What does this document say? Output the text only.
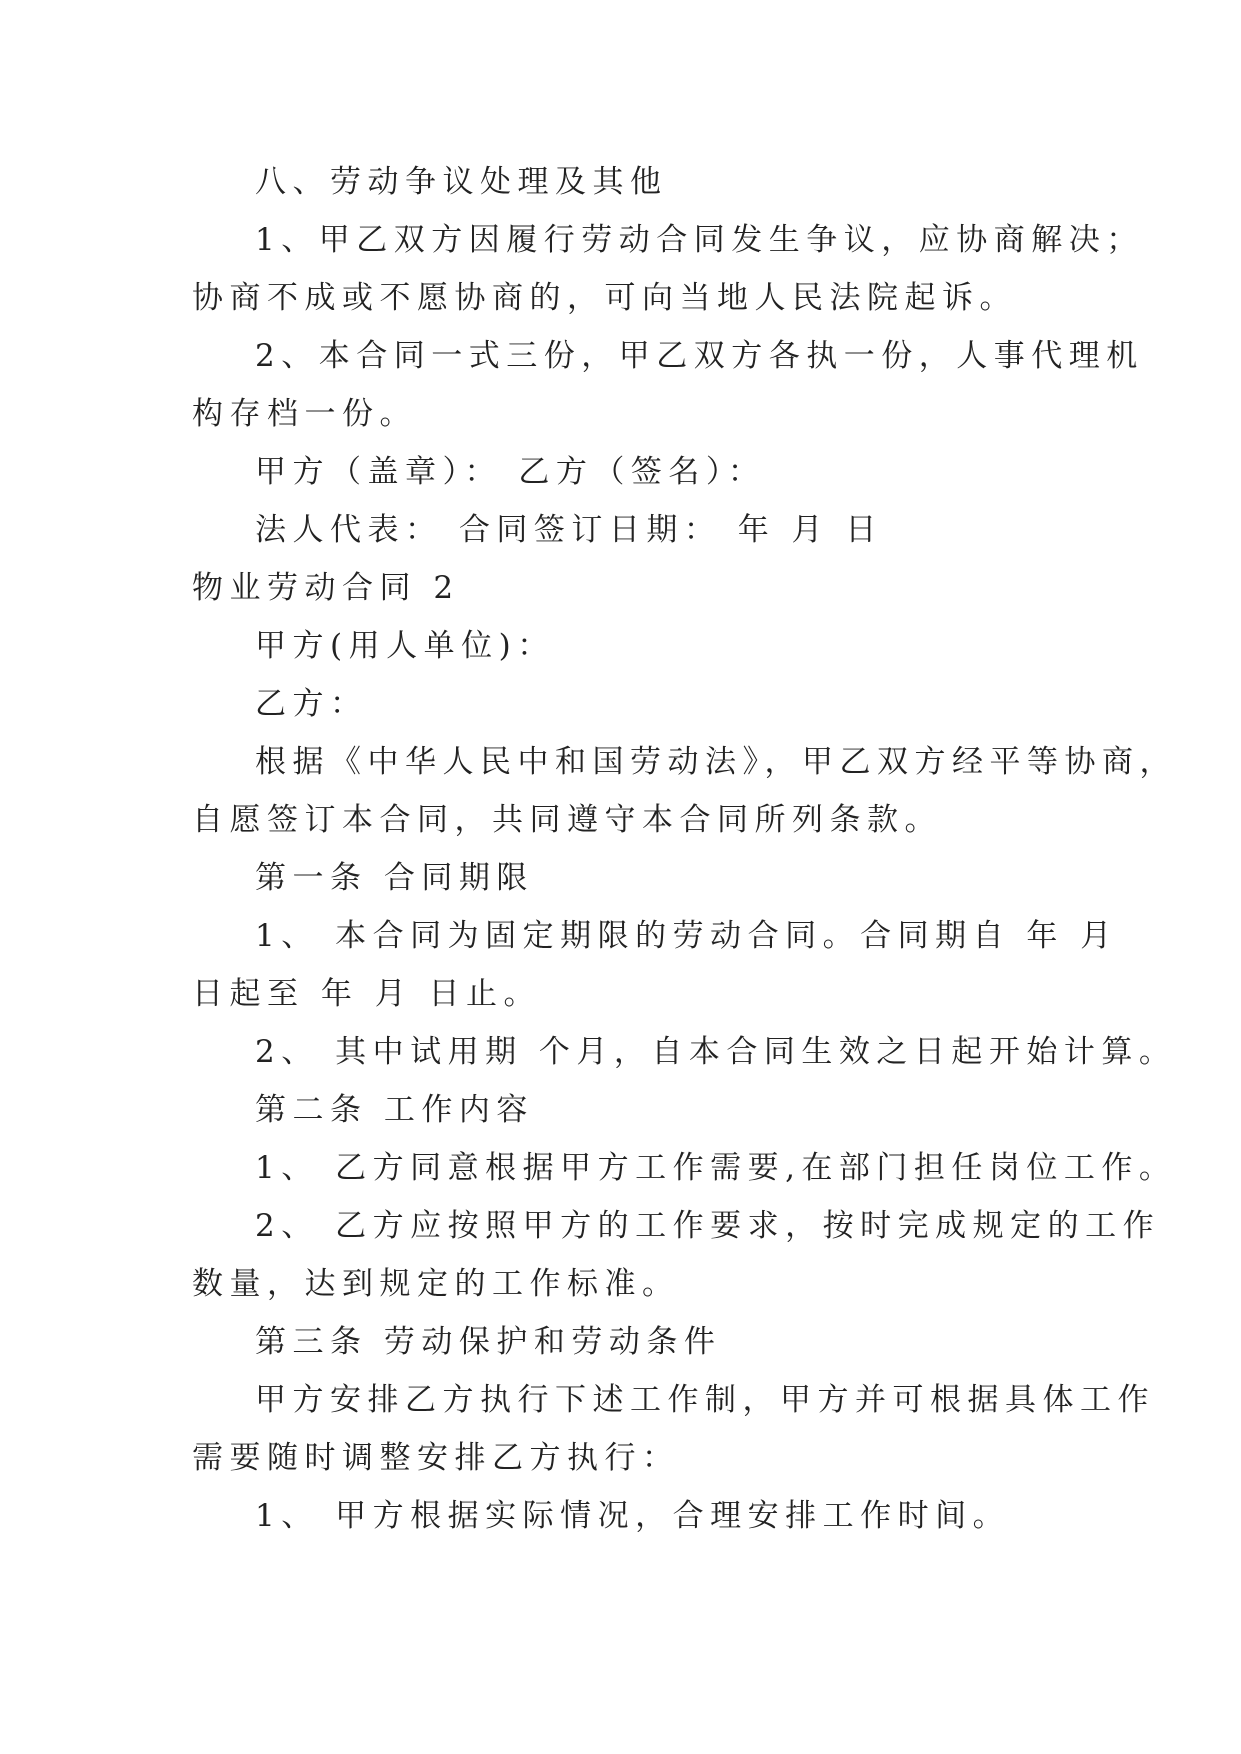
八、劳动争议处理及其他
1、甲乙双方因履行劳动合同发生争议，应协商解决；
协商不成或不愿协商的，可向当地人民法院起诉。
2、本合同一式三份，甲乙双方各执一份，人事代理机
构存档一份。
甲方（盖章）： 乙方（签名）：
法人代表： 合同签订日期： 年 月 日
物业劳动合同 2
甲方(用人单位)：
乙方：
根据《中华人民中和国劳动法》，甲乙双方经平等协商，
自愿签订本合同，共同遵守本合同所列条款。
第一条 合同期限
1、 本合同为固定期限的劳动合同。合同期自 年 月
日起至 年 月 日止。
2、 其中试用期 个月，自本合同生效之日起开始计算。
第二条 工作内容
1、 乙方同意根据甲方工作需要,在部门担任岗位工作。
2、 乙方应按照甲方的工作要求，按时完成规定的工作
数量，达到规定的工作标准。
第三条 劳动保护和劳动条件
甲方安排乙方执行下述工作制，甲方并可根据具体工作
需要随时调整安排乙方执行：
1、 甲方根据实际情况，合理安排工作时间。
